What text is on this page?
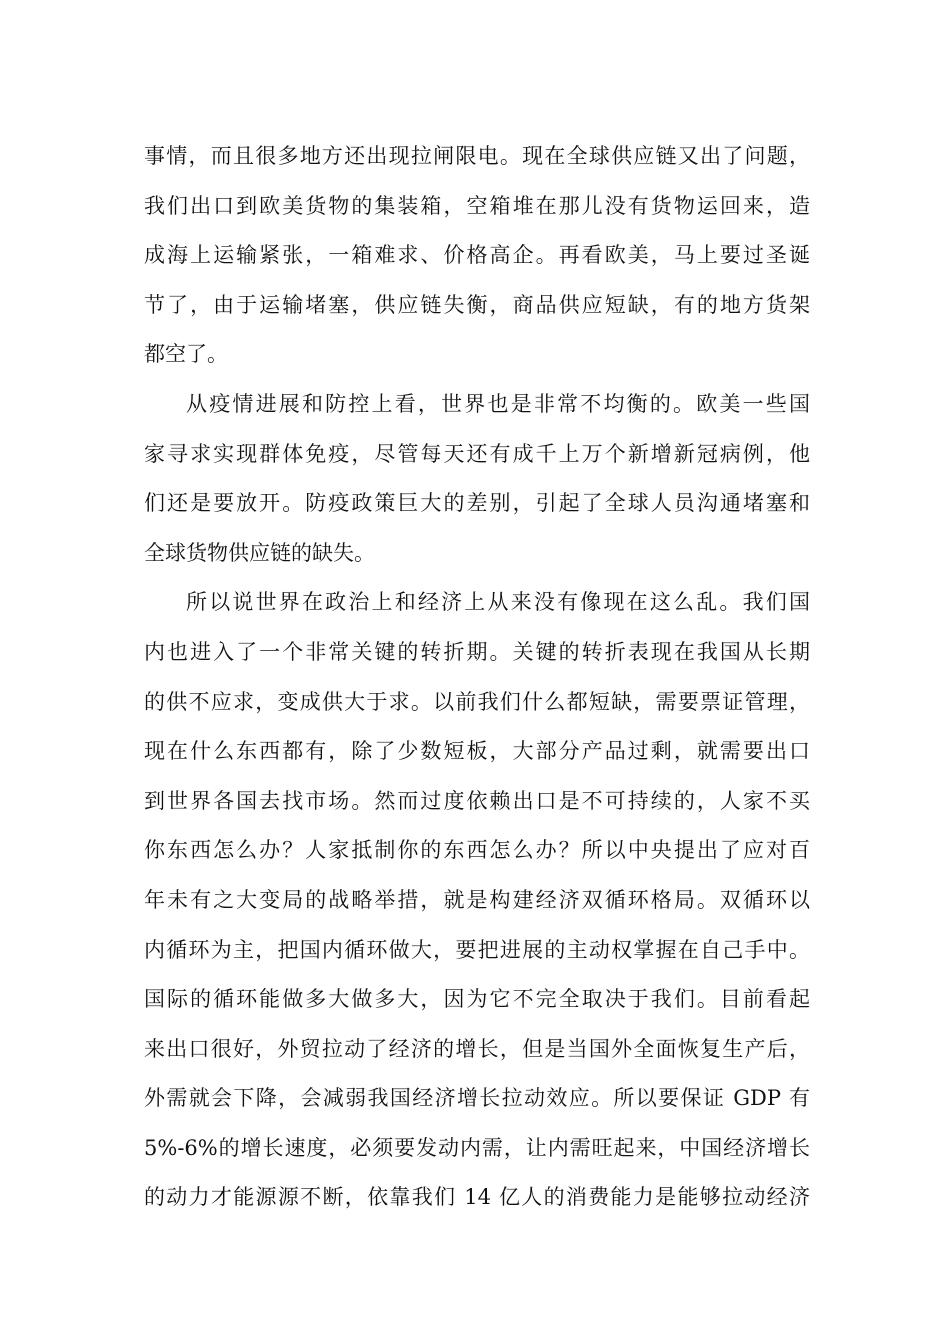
事情，而且很多地方还出现拉闸限电。现在全球供应链又出了问题，
我们出口到欧美货物的集装箱，空箱堆在那儿没有货物运回来，造
成海上运输紧张，一箱难求、价格高企。再看欧美，马上要过圣诞
节了，由于运输堵塞，供应链失衡，商品供应短缺，有的地方货架
都空了。
从疫情进展和防控上看，世界也是非常不均衡的。欧美一些国
家寻求实现群体免疫，尽管每天还有成千上万个新增新冠病例，他
们还是要放开。防疫政策巨大的差别，引起了全球人员沟通堵塞和
全球货物供应链的缺失。
所以说世界在政治上和经济上从来没有像现在这么乱。我们国
内也进入了一个非常关键的转折期。关键的转折表现在我国从长期
的供不应求，变成供大于求。以前我们什么都短缺，需要票证管理，
现在什么东西都有，除了少数短板，大部分产品过剩，就需要出口
到世界各国去找市场。然而过度依赖出口是不可持续的，人家不买
你东西怎么办？人家抵制你的东西怎么办？所以中央提出了应对百
年未有之大变局的战略举措，就是构建经济双循环格局。双循环以
内循环为主，把国内循环做大，要把进展的主动权掌握在自己手中。
国际的循环能做多大做多大，因为它不完全取决于我们。目前看起
来出口很好，外贸拉动了经济的增长，但是当国外全面恢复生产后，
外需就会下降，会减弱我国经济增长拉动效应。所以要保证 GDP 有
5%-6%的增长速度，必须要发动内需，让内需旺起来，中国经济增长
的动力才能源源不断，依靠我们 14 亿人的消费能力是能够拉动经济
